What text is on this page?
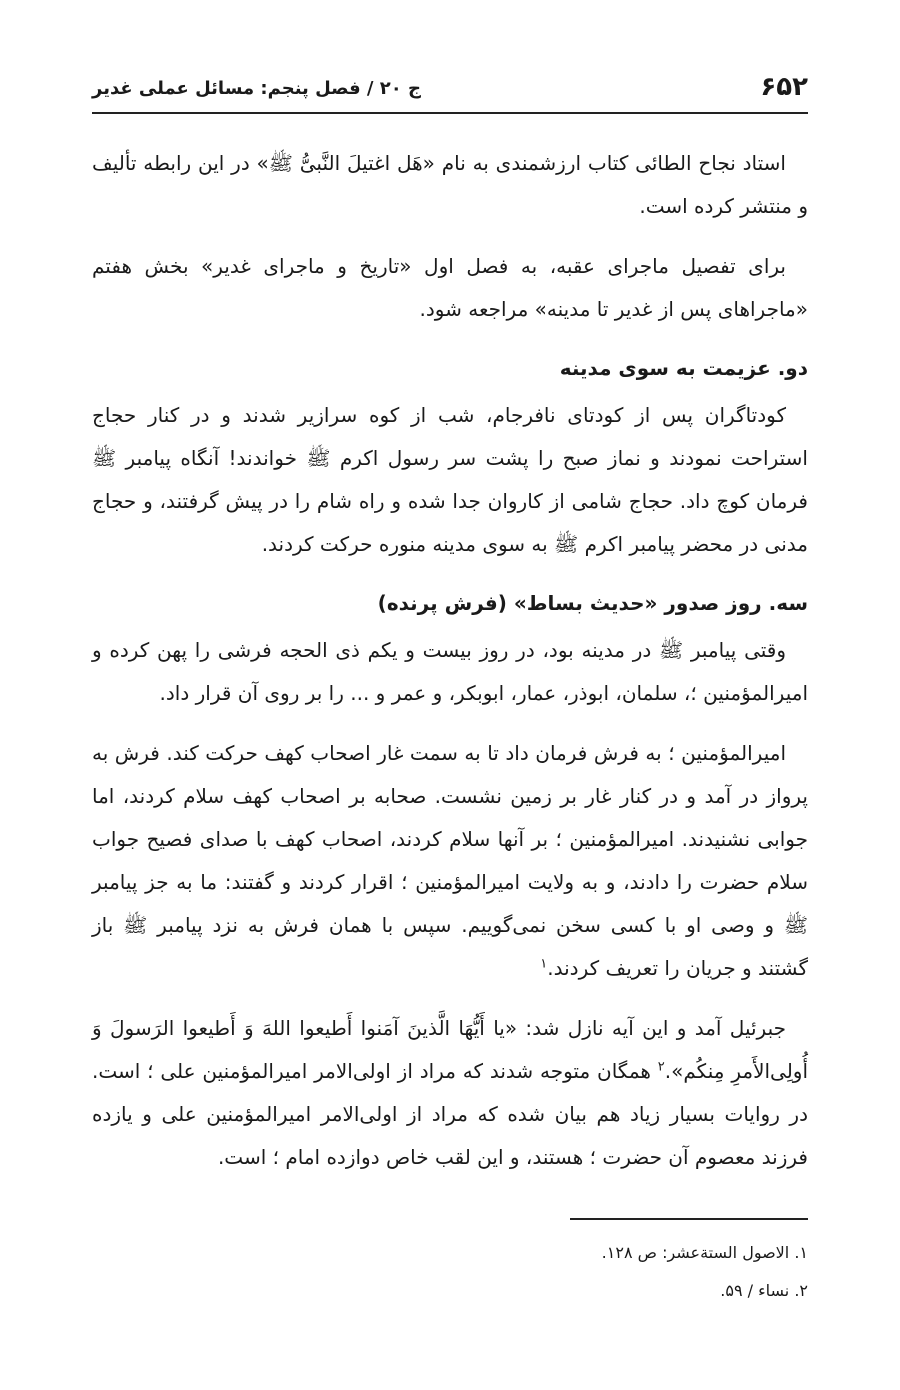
۶۵۲
ج ۲۰ / فصل پنجم: مسائل عملی غدیر

استاد نجاح الطائی کتاب ارزشمندی به نام «هَل اغتیلَ النَّبیُّ ﷺ» در این رابطه تألیف و منتشر کرده است.

برای تفصیل ماجرای عقبه، به فصل اول «تاریخ و ماجرای غدیر» بخش هفتم «ماجراهای پس از غدیر تا مدینه» مراجعه شود.

دو. عزیمت به سوی مدینه

کودتاگران پس از کودتای نافرجام، شب از کوه سرازیر شدند و در کنار حجاج استراحت نمودند و نماز صبح را پشت سر رسول اکرم ﷺ خواندند! آنگاه پیامبر ﷺ فرمان کوچ داد. حجاج شامی از کاروان جدا شده و راه شام را در پیش گرفتند، و حجاج مدنی در محضر پیامبر اکرم ﷺ به سوی مدینه منوره حرکت کردند.

سه. روز صدور «حدیث بساط» (فرش پرنده)

وقتی پیامبر ﷺ در مدینه بود، در روز بیست و یکم ذی الحجه فرشی را پهن کرده و امیرالمؤمنین ؛، سلمان، ابوذر، عمار، ابوبکر، و عمر و ... را بر روی آن قرار داد.

امیرالمؤمنین ؛ به فرش فرمان داد تا به سمت غار اصحاب کهف حرکت کند. فرش به پرواز در آمد و در کنار غار بر زمین نشست. صحابه بر اصحاب کهف سلام کردند، اما جوابی نشنیدند. امیرالمؤمنین ؛ بر آنها سلام کردند، اصحاب کهف با صدای فصیح جواب سلام حضرت را دادند، و به ولایت امیرالمؤمنین ؛ اقرار کردند و گفتند: ما به جز پیامبر ﷺ و وصی او با کسی سخن نمی‌گوییم. سپس با همان فرش به نزد پیامبر ﷺ باز گشتند و جریان را تعریف کردند.$^۱$

جبرئیل آمد و این آیه نازل شد: «یا أَیُّهَا الَّذینَ آمَنوا أَطیعوا اللهَ وَ أَطیعوا الرَسولَ وَ أُولِی‌الأَمرِ مِنکُم».$^۲$ همگان متوجه شدند که مراد از اولی‌الامر امیرالمؤمنین علی ؛ است. در روایات بسیار زیاد هم بیان شده که مراد از اولی‌الامر امیرالمؤمنین علی و یازده فرزند معصوم آن حضرت ؛ هستند، و این لقب خاص دوازده امام ؛ است.

۱. الاصول الستة‌عشر: ص ۱۲۸.
۲. نساء / ۵۹.
